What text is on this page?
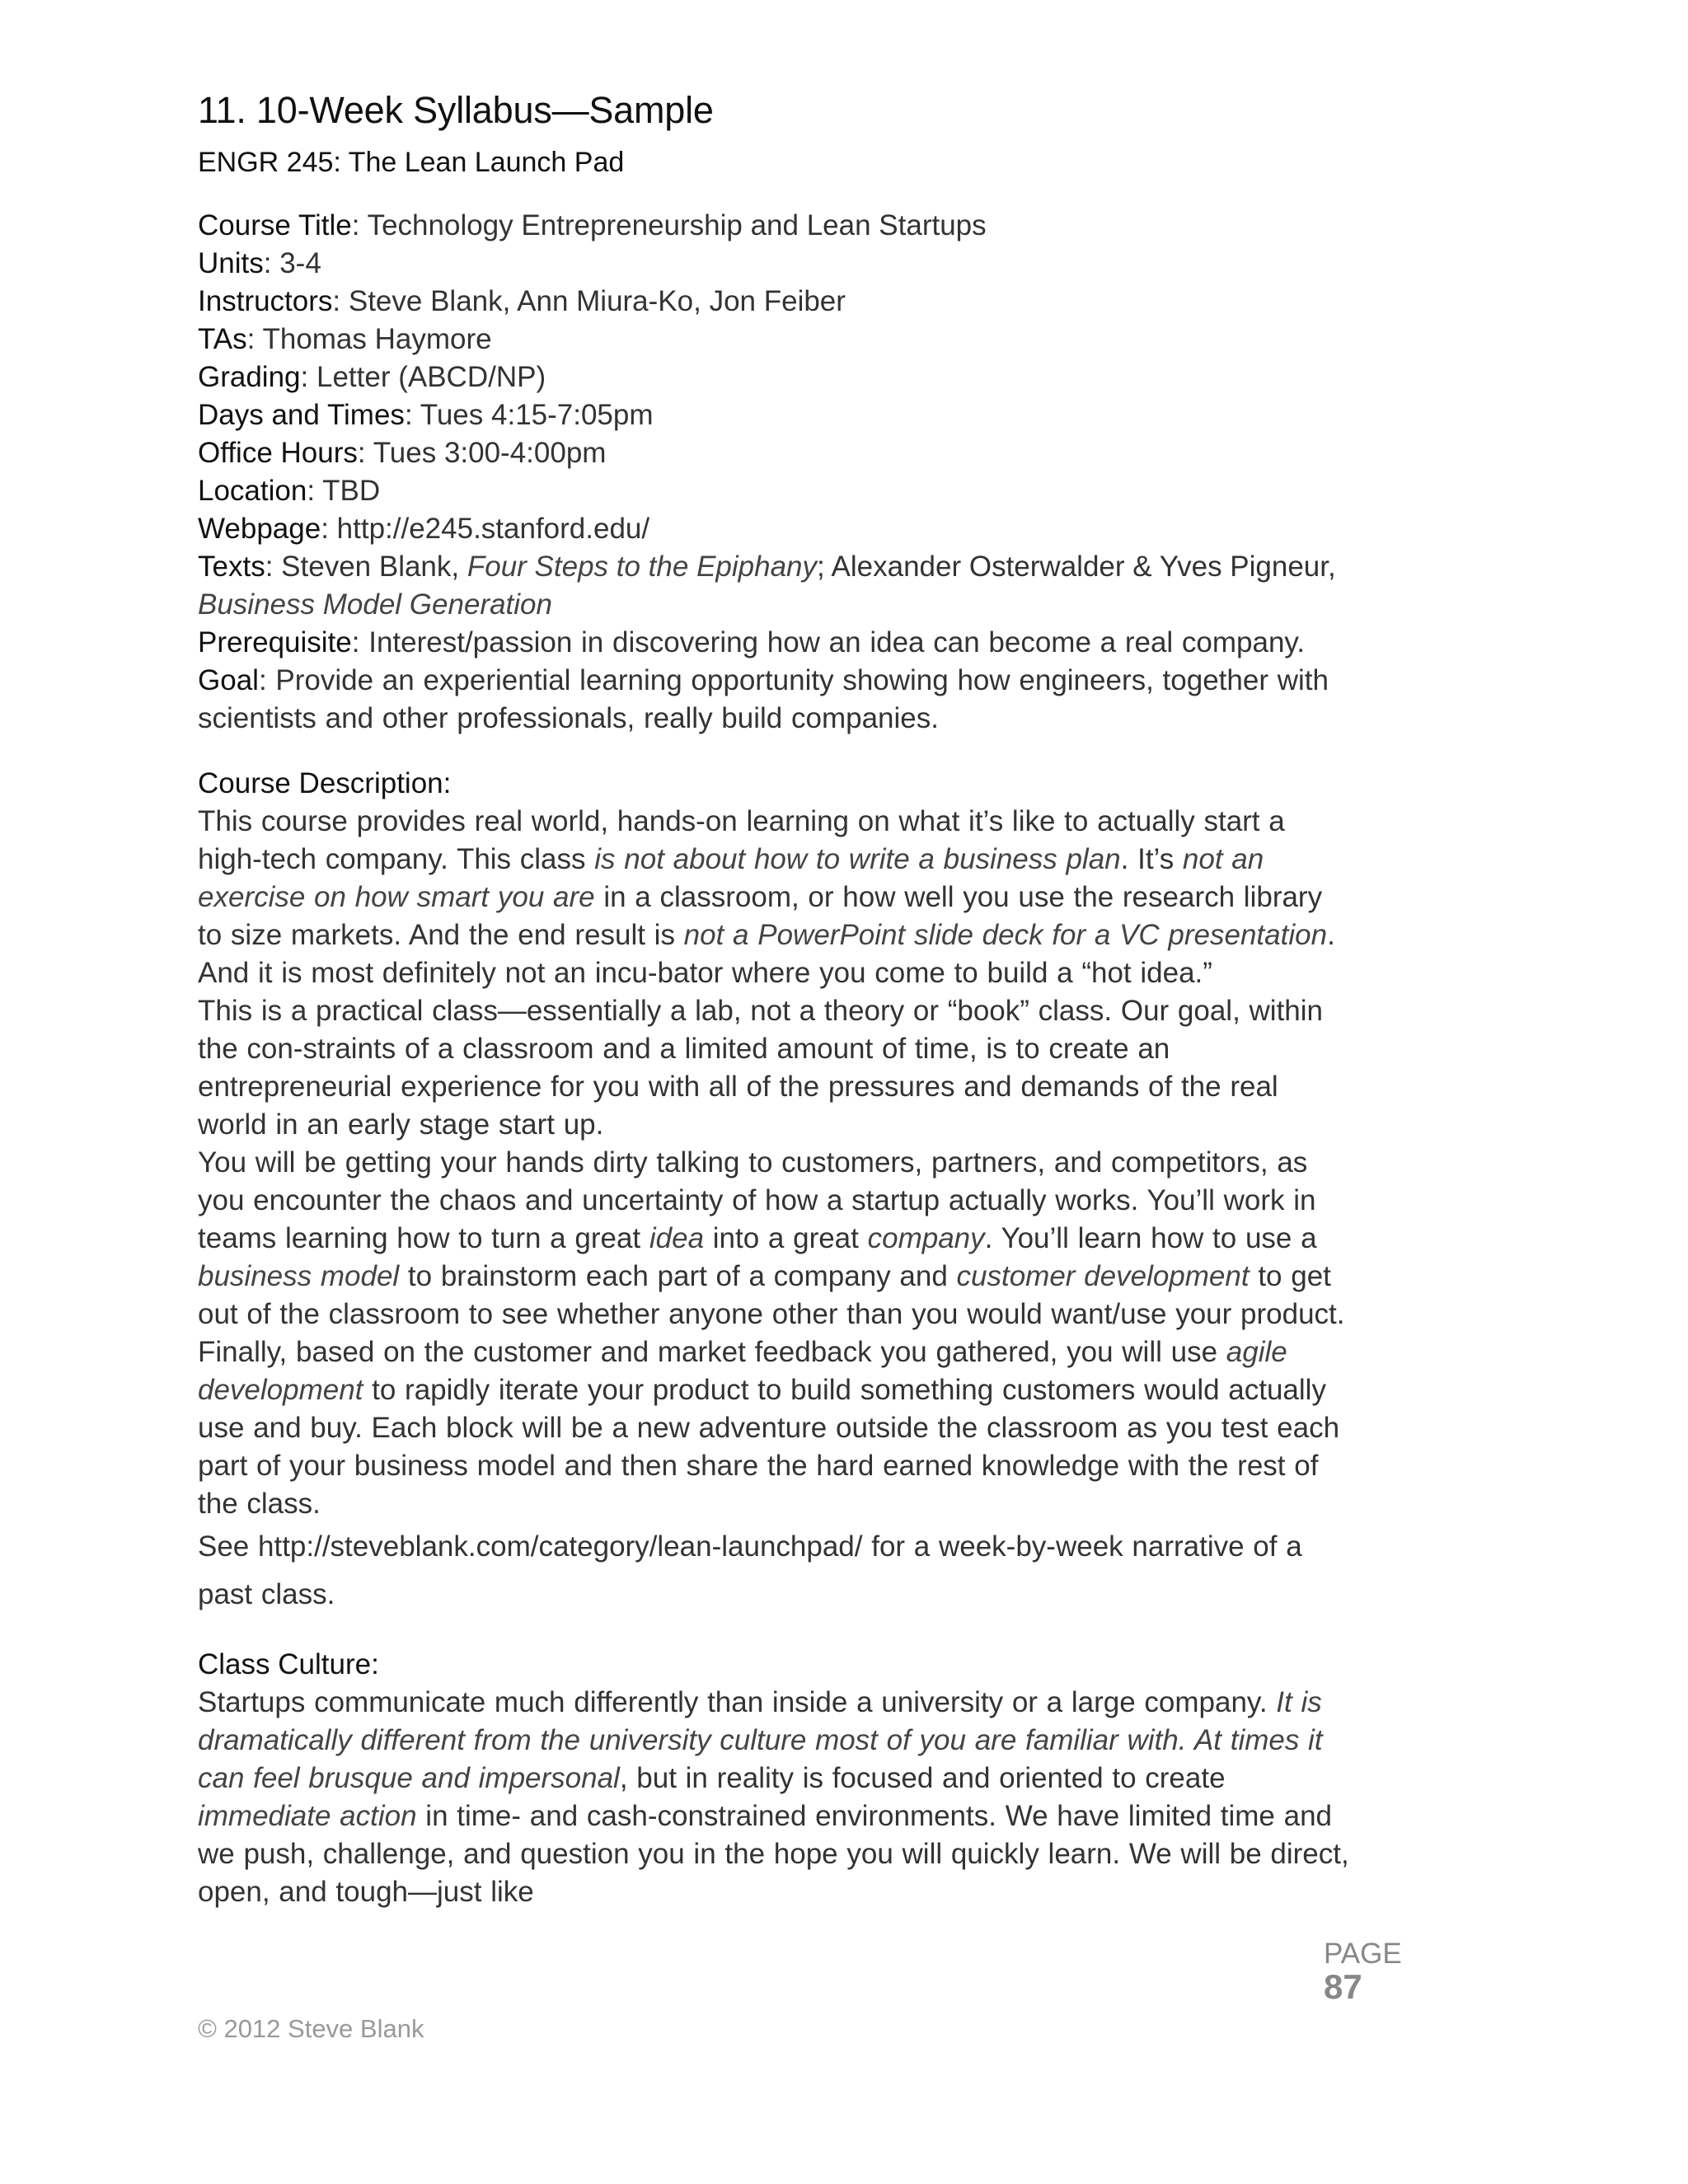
11. 10-Week Syllabus—Sample
ENGR 245: The Lean Launch Pad
Course Title: Technology Entrepreneurship and Lean Startups
Units: 3-4
Instructors: Steve Blank, Ann Miura-Ko, Jon Feiber
TAs: Thomas Haymore
Grading: Letter (ABCD/NP)
Days and Times: Tues 4:15-7:05pm
Office Hours: Tues 3:00-4:00pm
Location: TBD
Webpage: http://e245.stanford.edu/
Texts: Steven Blank, Four Steps to the Epiphany; Alexander Osterwalder & Yves Pigneur,
Business Model Generation

Prerequisite: Interest/passion in discovering how an idea can become a real company.

Goal: Provide an experiential learning opportunity showing how engineers, together with scientists and other professionals, really build companies.

Course Description:

This course provides real world, hands-on learning on what it’s like to actually start a high-tech company. This class is not about how to write a business plan. It’s not an exercise on how smart you are in a classroom, or how well you use the research library to size markets. And the end result is not a PowerPoint slide deck for a VC presentation. And it is most definitely not an incu-bator where you come to build a “hot idea.”

This is a practical class—essentially a lab, not a theory or “book” class. Our goal, within the con-straints of a classroom and a limited amount of time, is to create an entrepreneurial experience for you with all of the pressures and demands of the real world in an early stage start up.

You will be getting your hands dirty talking to customers, partners, and competitors, as you encounter the chaos and uncertainty of how a startup actually works. You’ll work in teams learning how to turn a great idea into a great company. You’ll learn how to use a business model to brainstorm each part of a company and customer development to get out of the classroom to see whether anyone other than you would want/use your product. Finally, based on the customer and market feedback you gathered, you will use agile development to rapidly iterate your product to build something customers would actually use and buy. Each block will be a new adventure outside the classroom as you test each part of your business model and then share the hard earned knowledge with the rest of the class.

See http://steveblank.com/category/lean-launchpad/ for a week-by-week narrative of a past class.

Class Culture:

Startups communicate much differently than inside a university or a large company. It is dramatically different from the university culture most of you are familiar with. At times it can feel brusque and impersonal, but in reality is focused and oriented to create immediate action in time- and cash-constrained environments. We have limited time and we push, challenge, and question you in the hope you will quickly learn. We will be direct, open, and tough—just like

PAGE
87
© 2012 Steve Blank
